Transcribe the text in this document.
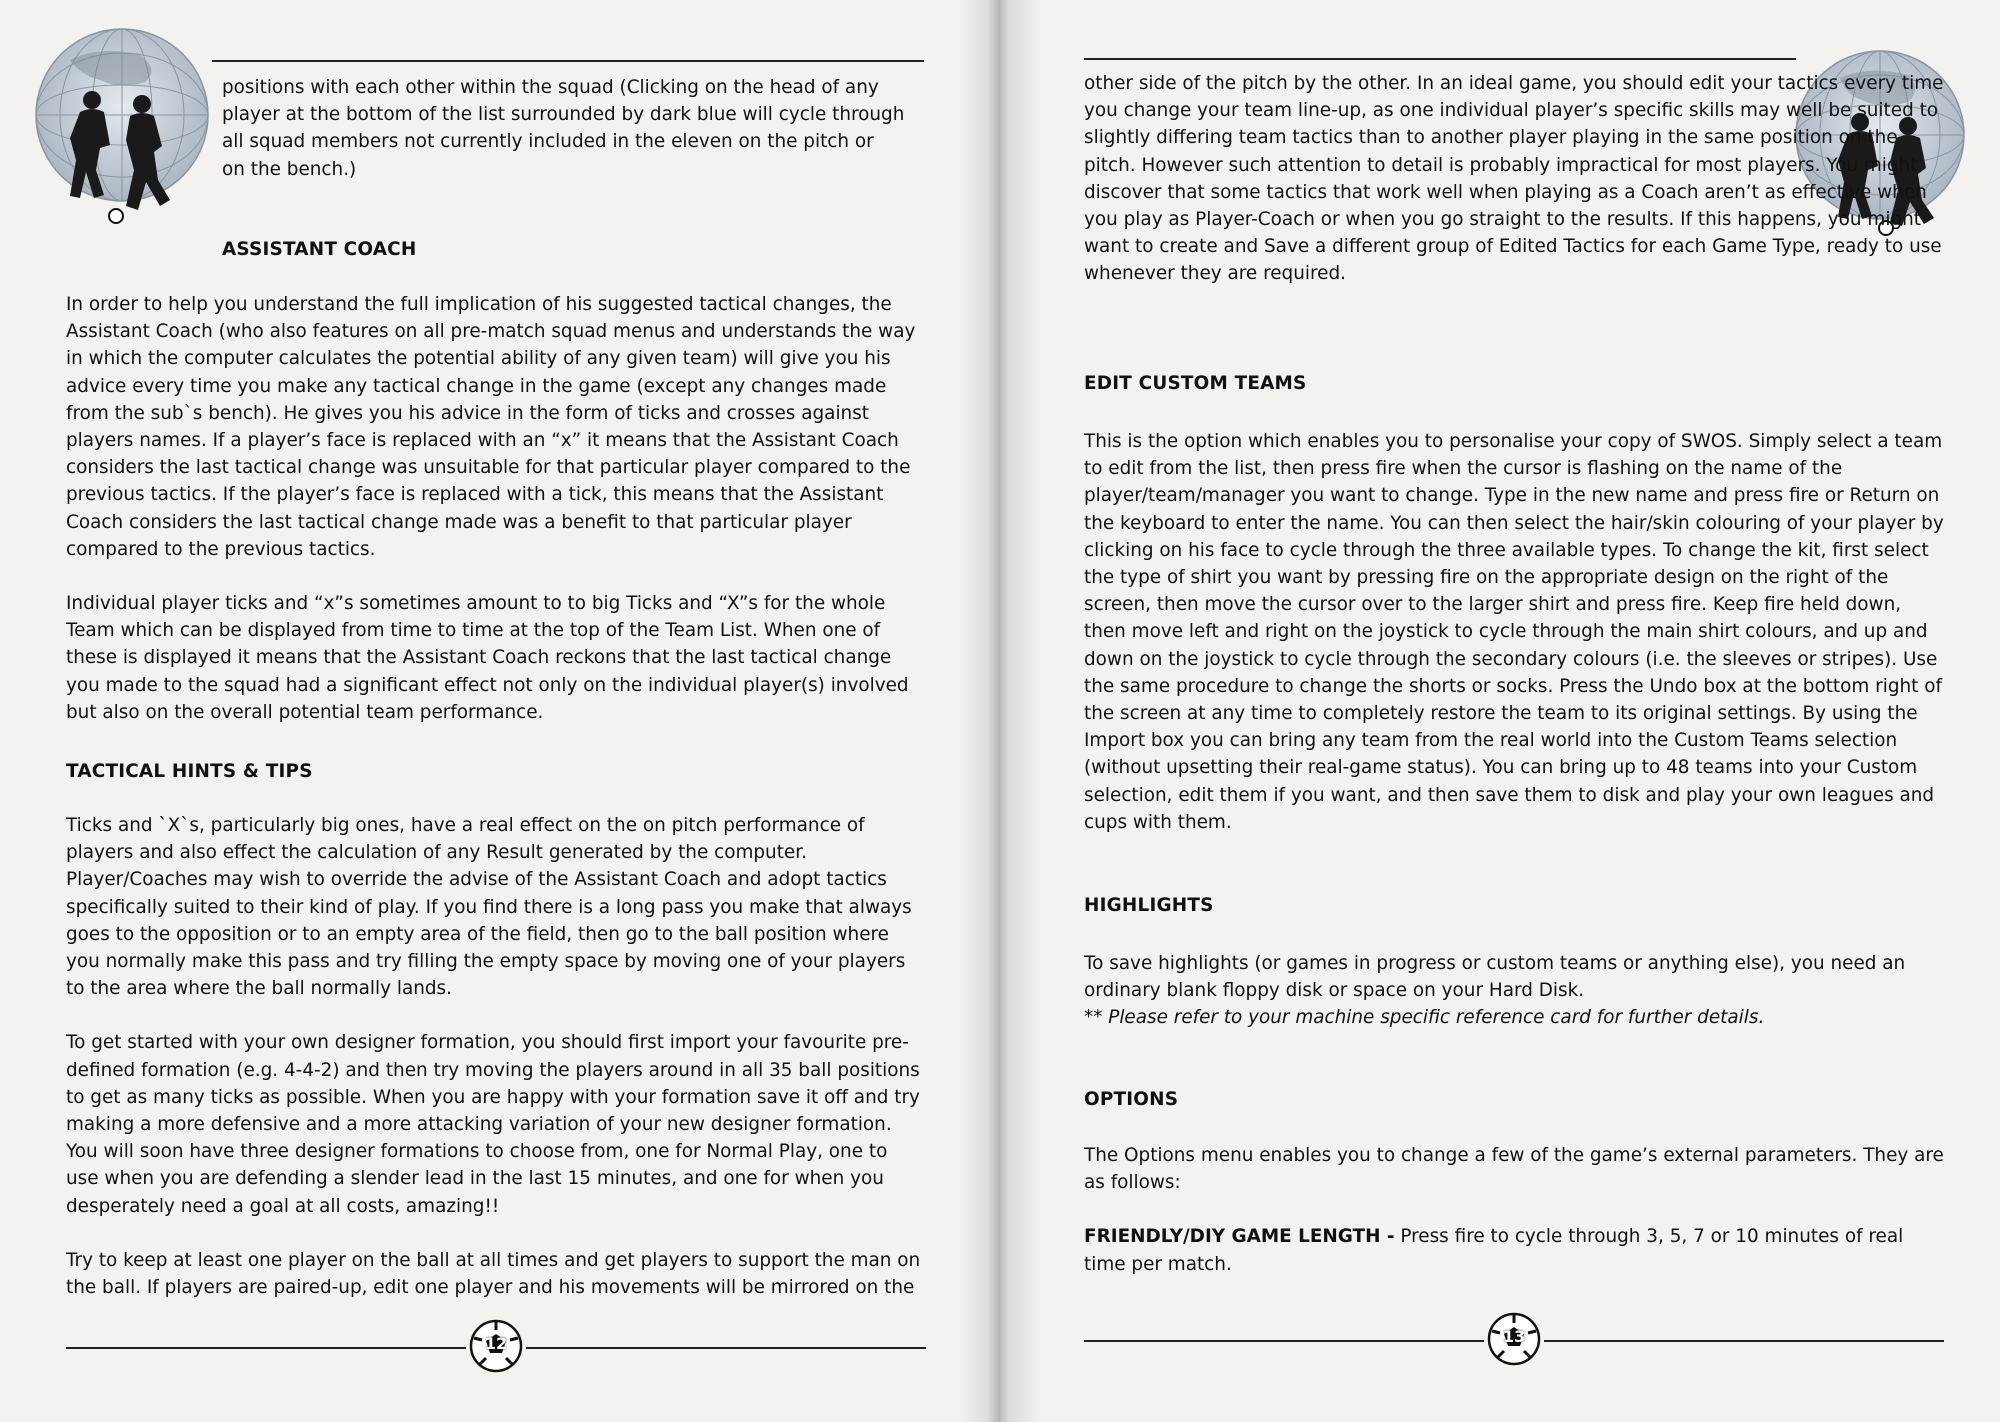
positions with each other within the squad (Clicking on the head of any

player at the bottom of the list surrounded by dark blue will cycle through

all squad members not currently included in the eleven on the pitch or

on the bench.)

ASSISTANT COACH

In order to help you understand the full implication of his suggested tactical changes, the Assistant Coach (who also features on all pre-match squad menus and understands the way in which the computer calculates the potential ability of any given team) will give you his advice every time you make any tactical change in the game (except any changes made from the sub`s bench). He gives you his advice in the form of ticks and crosses against players names. If a player’s face is replaced with an “x” it means that the Assistant Coach considers the last tactical change was unsuitable for that particular player compared to the previous tactics. If the player’s face is replaced with a tick, this means that the Assistant Coach considers the last tactical change made was a benefit to that particular player compared to the previous tactics.

Individual player ticks and “x”s sometimes amount to to big Ticks and “X”s for the whole Team which can be displayed from time to time at the top of the Team List. When one of these is displayed it means that the Assistant Coach reckons that the last tactical change you made to the squad had a significant effect not only on the individual player(s) involved but also on the overall potential team performance.

TACTICAL HINTS & TIPS

Ticks and `X`s, particularly big ones, have a real effect on the on pitch performance of players and also effect the calculation of any Result generated by the computer. Player/Coaches may wish to override the advise of the Assistant Coach and adopt tactics specifically suited to their kind of play. If you find there is a long pass you make that always goes to the opposition or to an empty area of the field, then go to the ball position where you normally make this pass and try filling the empty space by moving one of your players to the area where the ball normally lands.

To get started with your own designer formation, you should first import your favourite pre-defined formation (e.g. 4-4-2) and then try moving the players around in all 35 ball positions to get as many ticks as possible. When you are happy with your formation save it off and try making a more defensive and a more attacking variation of your new designer formation. You will soon have three designer formations to choose from, one for Normal Play, one to use when you are defending a slender lead in the last 15 minutes, and one for when you desperately need a goal at all costs, amazing!!

Try to keep at least one player on the ball at all times and get players to support the man on the ball. If players are paired-up, edit one player and his movements will be mirrored on the

12

other side of the pitch by the other. In an ideal game, you should edit your tactics every time you change your team line-up, as one individual player’s specific skills may well be suited to slightly differing team tactics than to another player playing in the same position on the pitch. However such attention to detail is probably impractical for most players. You might discover that some tactics that work well when playing as a Coach aren’t as effective when you play as Player-Coach or when you go straight to the results. If this happens, you might want to create and Save a different group of Edited Tactics for each Game Type, ready to use whenever they are required.

EDIT CUSTOM TEAMS

This is the option which enables you to personalise your copy of SWOS. Simply select a team to edit from the list, then press fire when the cursor is flashing on the name of the player/team/manager you want to change. Type in the new name and press fire or Return on the keyboard to enter the name. You can then select the hair/skin colouring of your player by clicking on his face to cycle through the three available types. To change the kit, first select the type of shirt you want by pressing fire on the appropriate design on the right of the screen, then move the cursor over to the larger shirt and press fire. Keep fire held down, then move left and right on the joystick to cycle through the main shirt colours, and up and down on the joystick to cycle through the secondary colours (i.e. the sleeves or stripes). Use the same procedure to change the shorts or socks. Press the Undo box at the bottom right of the screen at any time to completely restore the team to its original settings. By using the Import box you can bring any team from the real world into the Custom Teams selection (without upsetting their real-game status). You can bring up to 48 teams into your Custom selection, edit them if you want, and then save them to disk and play your own leagues and cups with them.

HIGHLIGHTS

To save highlights (or games in progress or custom teams or anything else), you need an ordinary blank floppy disk or space on your Hard Disk.

** Please refer to your machine specific reference card for further details.

OPTIONS

The Options menu enables you to change a few of the game’s external parameters. They are as follows:

FRIENDLY/DIY GAME LENGTH - Press fire to cycle through 3, 5, 7 or 10 minutes of real time per match.

13
